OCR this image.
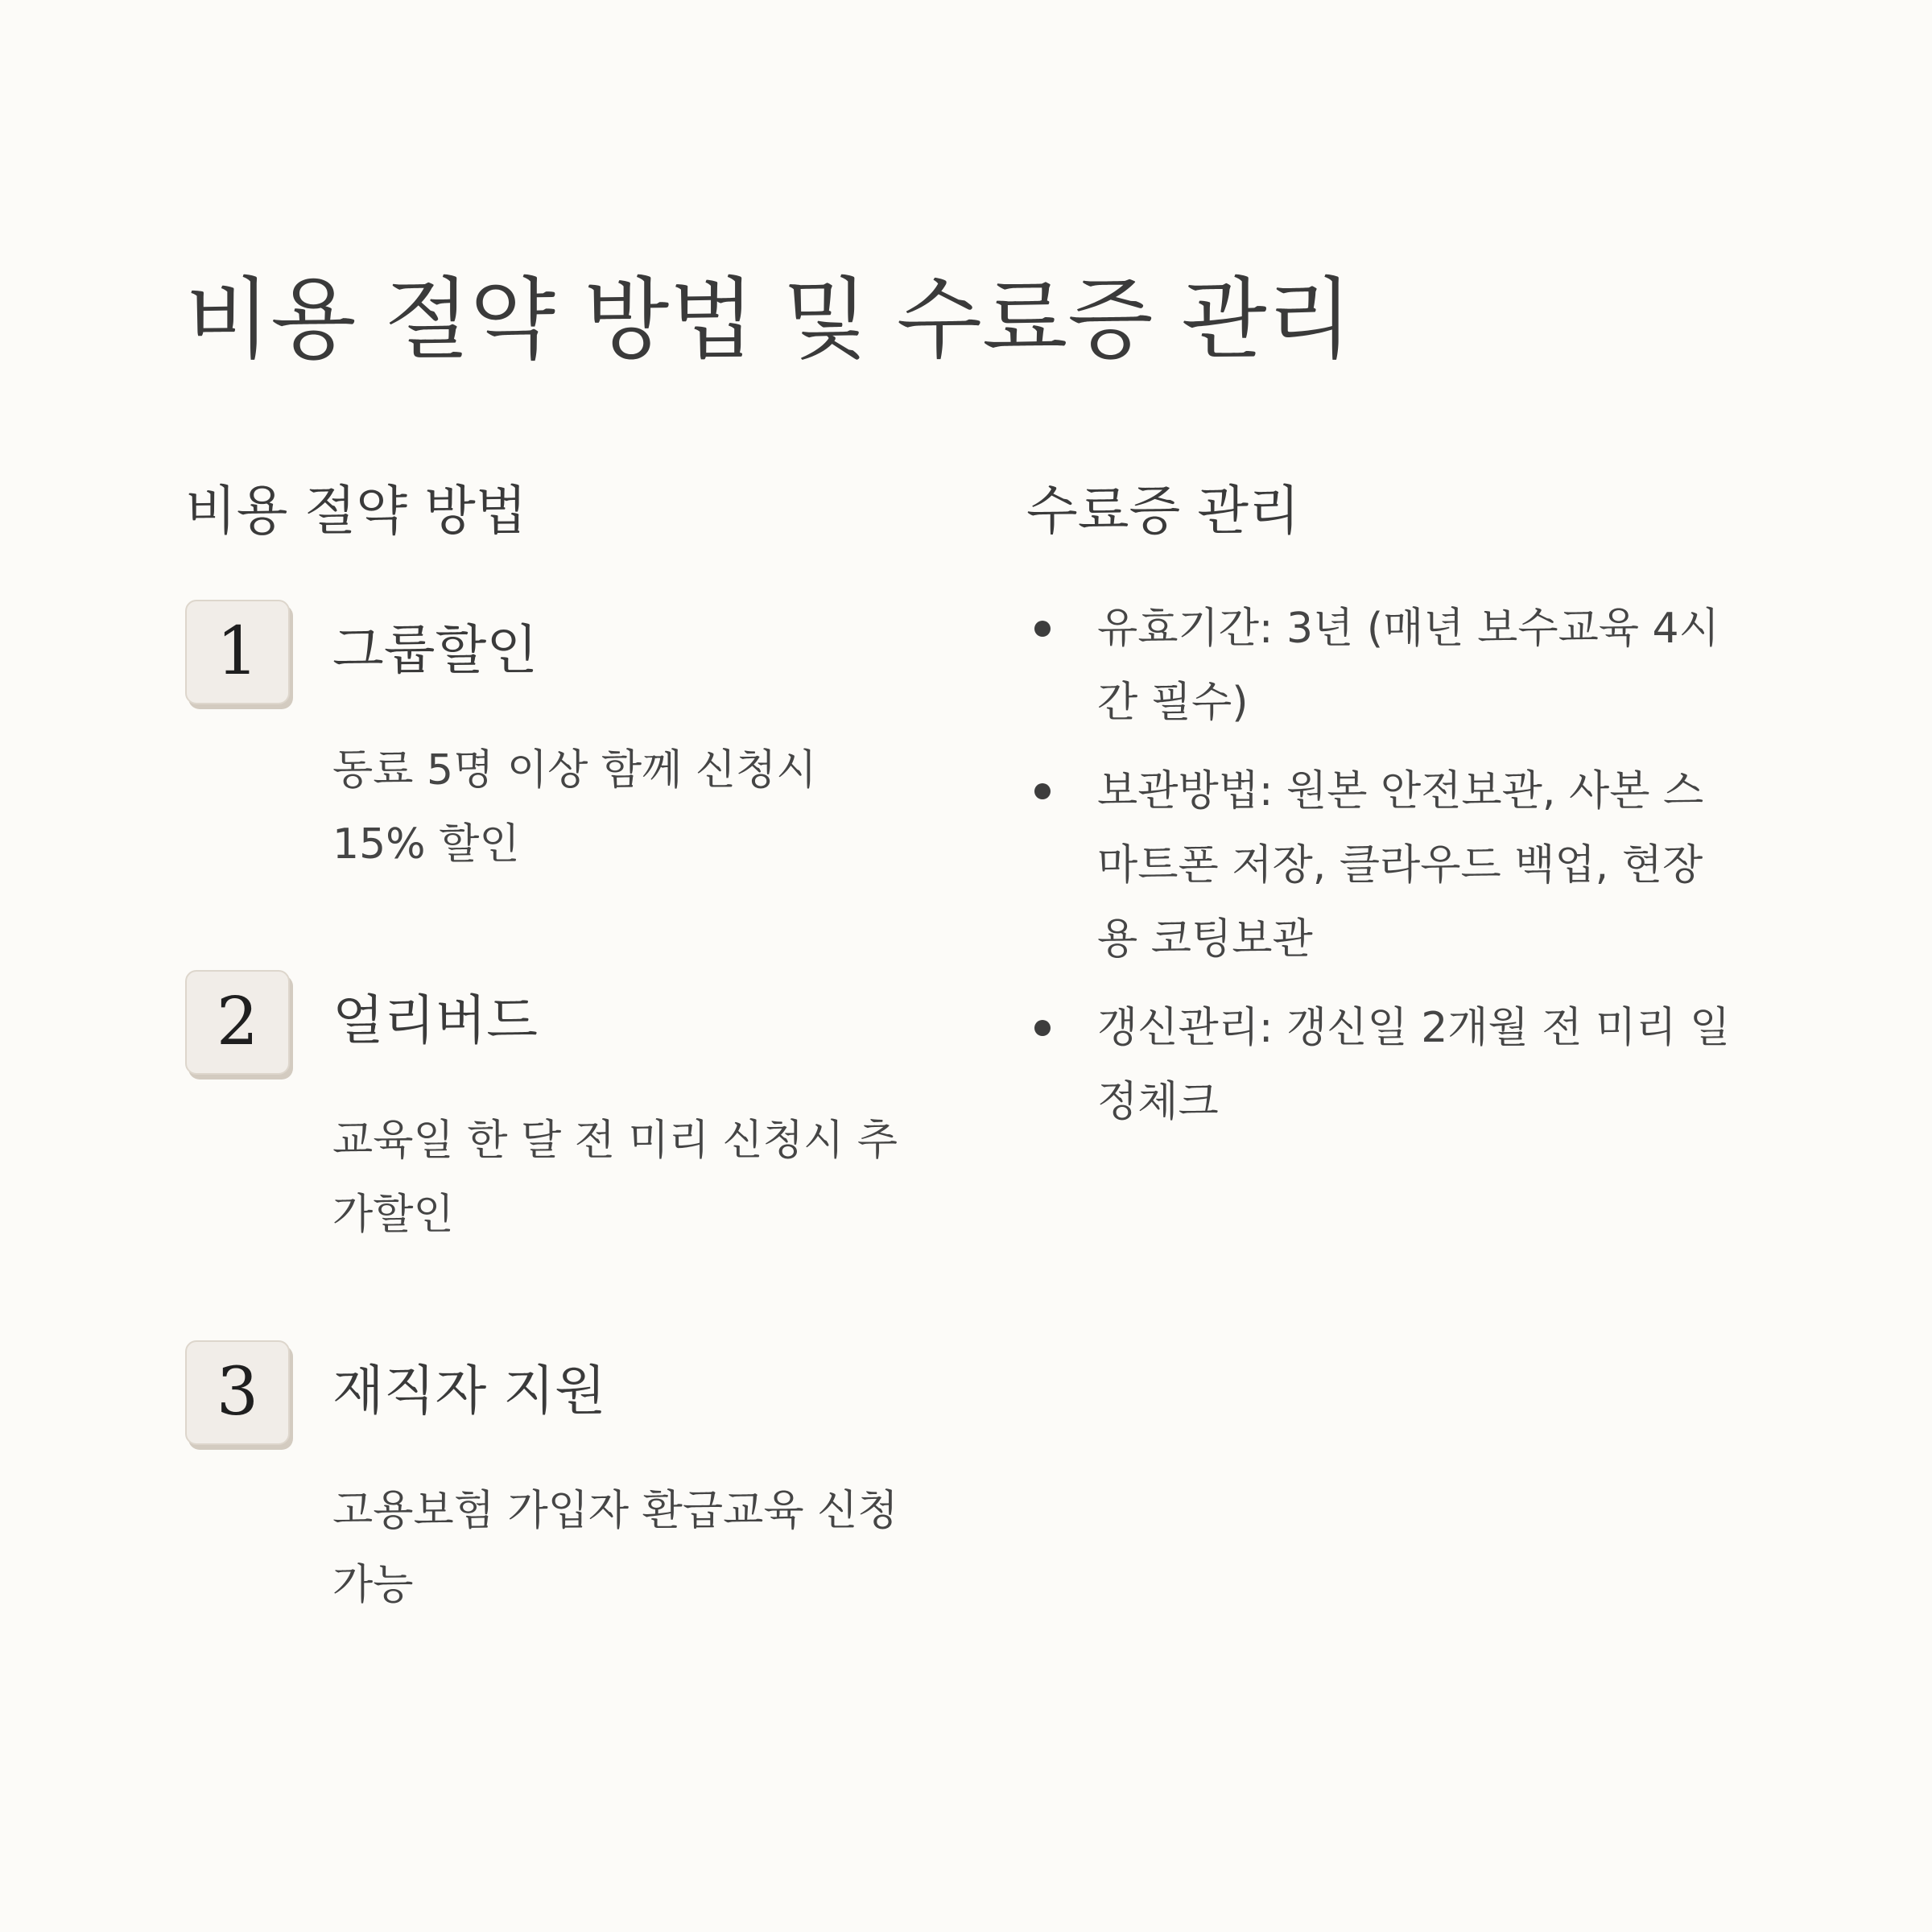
비용 절약 방법 및 수료증 관리
비용 절약 방법
1	그룹할인

동료 5명 이상 함께 신청시 15% 할인

2	얼리버드

교육일 한 달 전 미리 신청시 추가할인

3	재직자 지원

고용보험 가입자 환급교육 신청가능

수료증 관리
유효기간: 3년 (매년 보수교육 4시간 필수)
보관방법: 원본 안전보관, 사본 스마트폰 저장, 클라우드 백업, 현장용 코팅보관
갱신관리: 갱신일 2개월 전 미리 일정체크
